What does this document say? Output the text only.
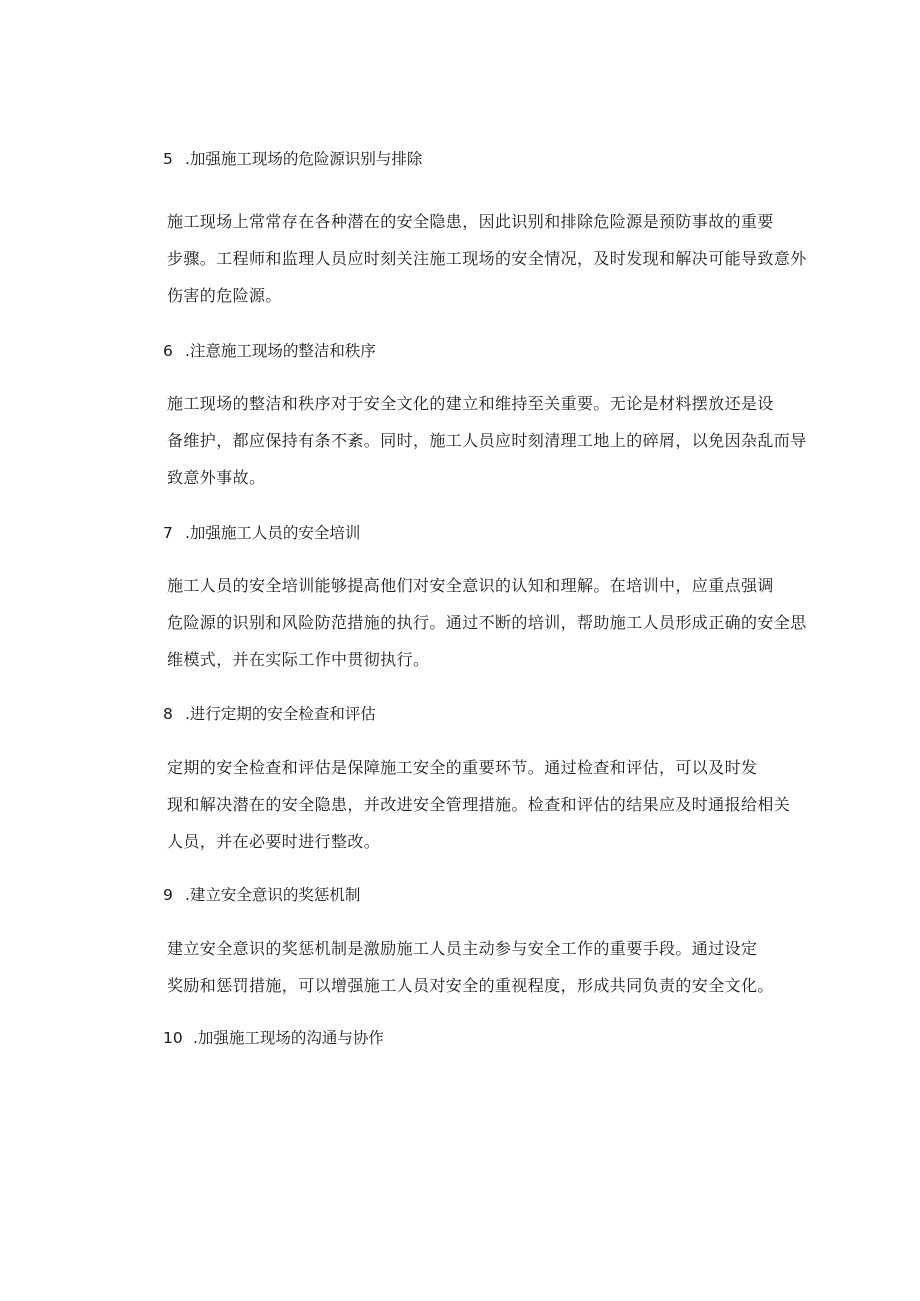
5 .加强施工现场的危险源识别与排除
施工现场上常常存在各种潜在的安全隐患，因此识别和排除危险源是预防事故的重要
步骤。工程师和监理人员应时刻关注施工现场的安全情况，及时发现和解决可能导致意外
伤害的危险源。
6 .注意施工现场的整洁和秩序
施工现场的整洁和秩序对于安全文化的建立和维持至关重要。无论是材料摆放还是设
备维护，都应保持有条不紊。同时，施工人员应时刻清理工地上的碎屑，以免因杂乱而导
致意外事故。
7 .加强施工人员的安全培训
施工人员的安全培训能够提高他们对安全意识的认知和理解。在培训中，应重点强调
危险源的识别和风险防范措施的执行。通过不断的培训，帮助施工人员形成正确的安全思
维模式，并在实际工作中贯彻执行。
8 .进行定期的安全检查和评估
定期的安全检查和评估是保障施工安全的重要环节。通过检查和评估，可以及时发
现和解决潜在的安全隐患，并改进安全管理措施。检查和评估的结果应及时通报给相关
人员，并在必要时进行整改。
9 .建立安全意识的奖惩机制
建立安全意识的奖惩机制是激励施工人员主动参与安全工作的重要手段。通过设定
奖励和惩罚措施，可以增强施工人员对安全的重视程度，形成共同负责的安全文化。
10 .加强施工现场的沟通与协作
